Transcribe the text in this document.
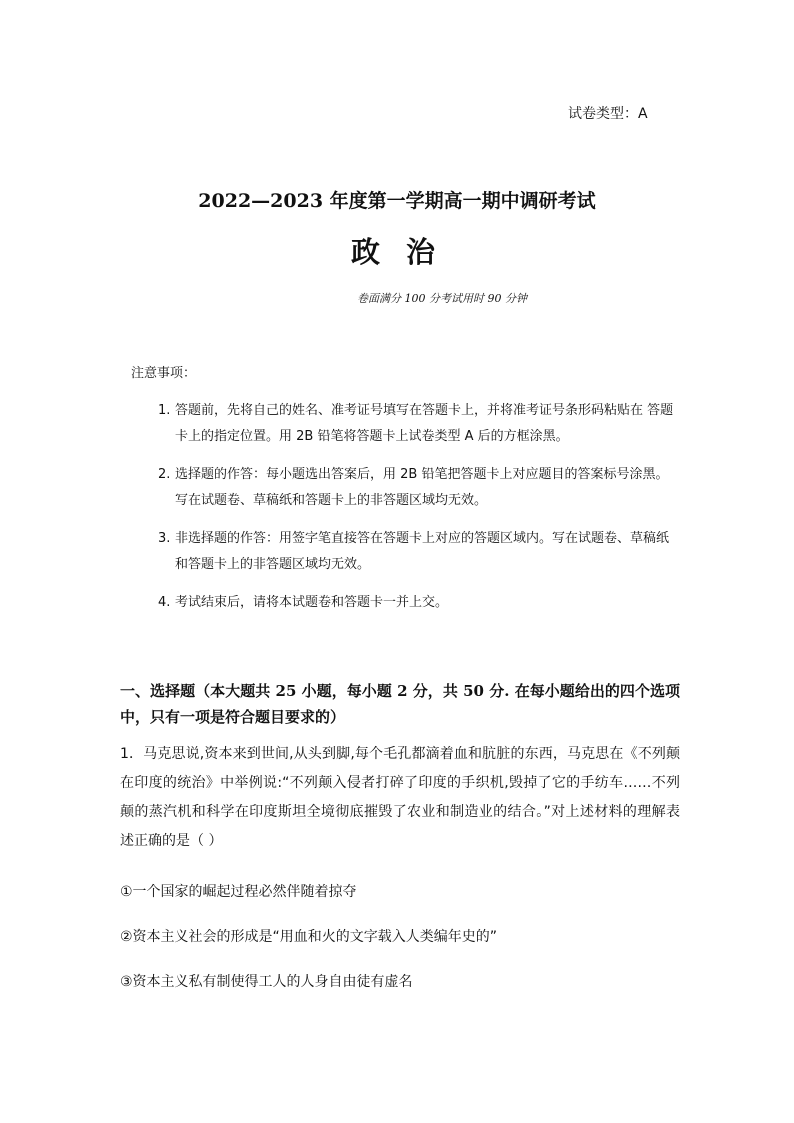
试卷类型：A
2022—2023 年度第一学期高一期中调研考试
政 治
卷面满分 100 分考试用时 90 分钟
注意事项：
1. 答题前，先将自己的姓名、准考证号填写在答题卡上，并将准考证号条形码粘贴在 答题卡上的指定位置。用 2B 铅笔将答题卡上试卷类型 A 后的方框涂黑。
2. 选择题的作答：每小题选出答案后，用 2B 铅笔把答题卡上对应题目的答案标号涂黑。写在试题卷、草稿纸和答题卡上的非答题区域均无效。
3. 非选择题的作答：用签字笔直接答在答题卡上对应的答题区域内。写在试题卷、草稿纸和答题卡上的非答题区域均无效。
4. 考试结束后，请将本试题卷和答题卡一并上交。
一、选择题（本大题共 25 小题，每小题 2 分，共 50 分. 在每小题给出的四个选项中，只有一项是符合题目要求的）
1．马克思说,资本来到世间,从头到脚,每个毛孔都滴着血和肮脏的东西，马克思在《不列颠在印度的统治》中举例说:“不列颠入侵者打碎了印度的手织机,毁掉了它的手纺车……不列颠的蒸汽机和科学在印度斯坦全境彻底摧毁了农业和制造业的结合。”对上述材料的理解表述正确的是（ ）
①一个国家的崛起过程必然伴随着掠夺
②资本主义社会的形成是“用血和火的文字载入人类编年史的”
③资本主义私有制使得工人的人身自由徒有虚名
